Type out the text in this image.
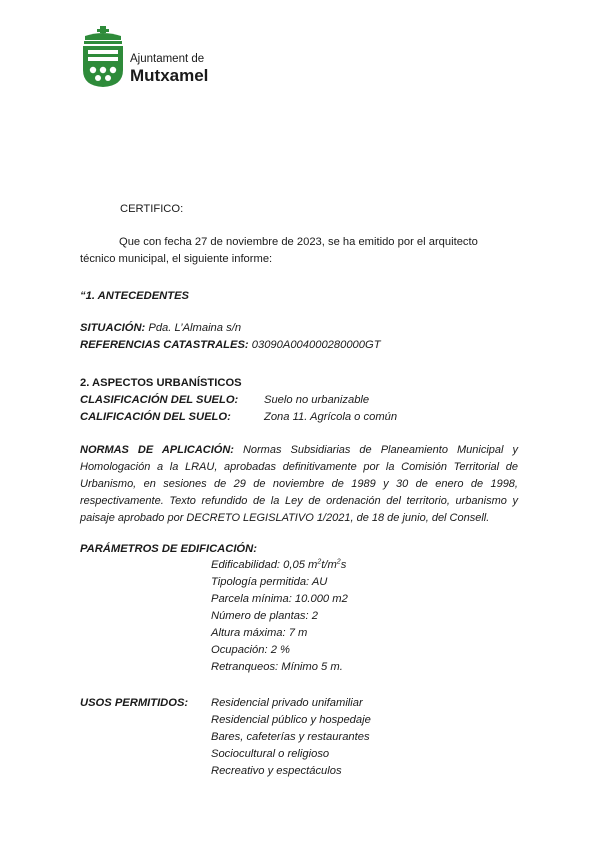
Ajuntament de
Mutxamel
CERTIFICO:
Que con fecha 27 de noviembre de 2023, se ha emitido por el arquitecto
técnico municipal, el siguiente informe:
“1. ANTECEDENTES
SITUACIÓN: Pda. L’Almaina s/n
REFERENCIAS CATASTRALES: 03090A004000280000GT
2. ASPECTOS URBANÍSTICOS
CLASIFICACIÓN DEL SUELO: Suelo no urbanizable
CALIFICACIÓN DEL SUELO:	Zona 11. Agrícola o común
NORMAS DE APLICACIÓN: Normas Subsidiarias de Planeamiento Municipal y Homologación a la LRAU, aprobadas definitivamente por la Comisión Territorial de Urbanismo, en sesiones de 29 de noviembre de 1989 y 30 de enero de 1998, respectivamente. Texto refundido de la Ley de ordenación del territorio, urbanismo y paisaje aprobado por DECRETO LEGISLATIVO 1/2021, de 18 de junio, del Consell.
PARÁMETROS DE EDIFICACIÓN:
Edificabilidad: 0,05 $m^2t/m^2s$
Tipología permitida: AU
Parcela mínima: 10.000 m2
Número de plantas: 2
Altura máxima: 7 m
Ocupación: 2 %
Retranqueos: Mínimo 5 m.
USOS PERMITIDOS: Residencial privado unifamiliar
Residencial público y hospedaje
Bares, cafeterías y restaurantes
Sociocultural o religioso
Recreativo y espectáculos
